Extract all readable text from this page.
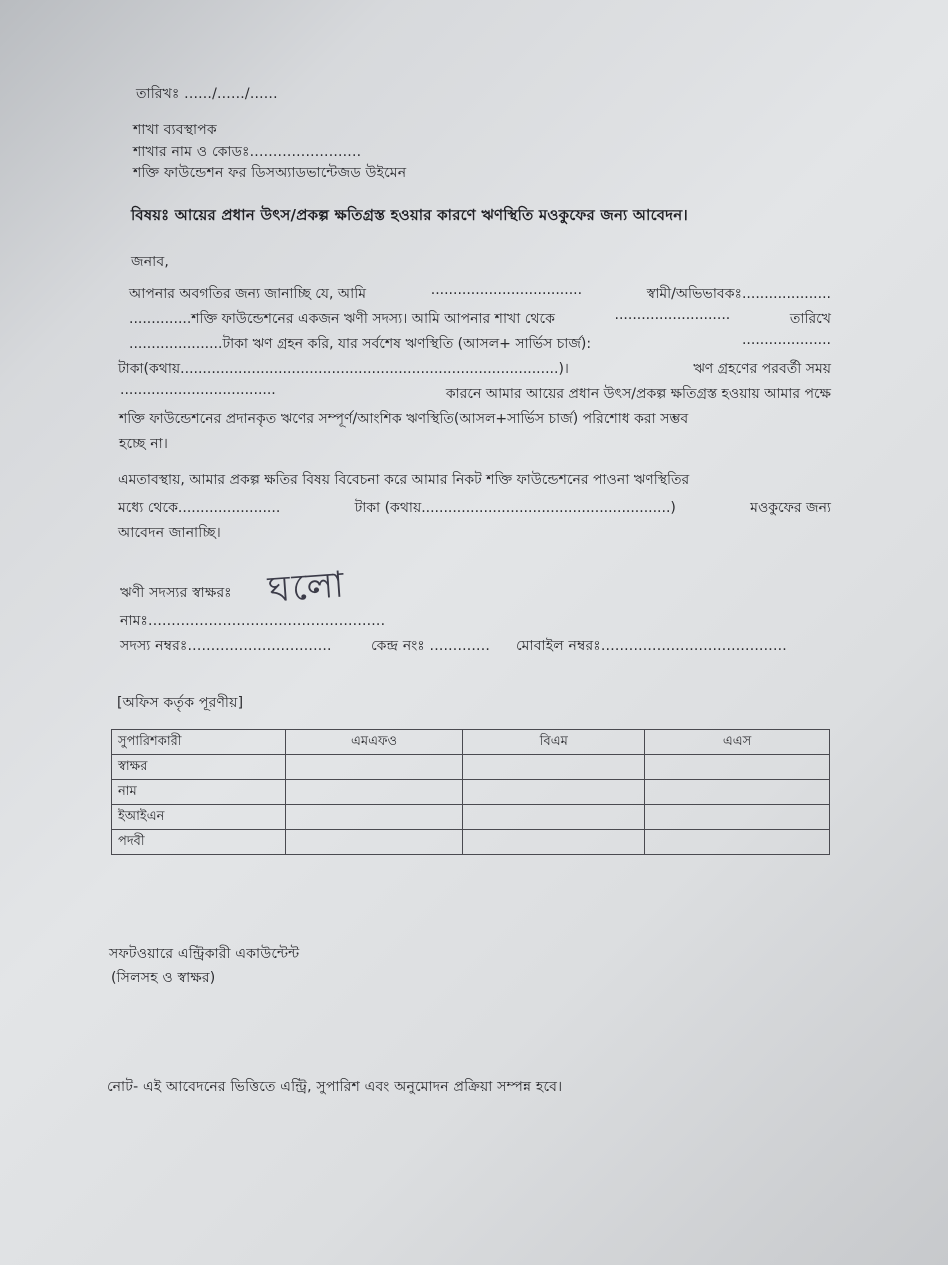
তারিখঃ ....../....../......
শাখা ব্যবস্থাপক
শাখার নাম ও কোডঃ........................
শক্তি ফাউন্ডেশন ফর ডিসঅ্যাডভান্টেজড উইমেন
বিষয়ঃ আয়ের প্রধান উৎস/প্রকল্প ক্ষতিগ্রস্ত হওয়ার কারণে ঋণস্থিতি মওকুফের জন্য আবেদন।
জনাব,
আপনার অবগতির জন্য জানাচ্ছি যে, আমি	..................................	স্বামী/অভিভাবকঃ....................
..............শক্তি ফাউন্ডেশনের একজন ঋণী সদস্য। আমি আপনার শাখা থেকে	..........................	তারিখে
.....................টাকা ঋণ গ্রহন করি, যার সর্বশেষ ঋণস্থিতি (আসল+ সার্ভিস চার্জ):	....................
টাকা(কথায়.....................................................................................)।	ঋণ গ্রহণের পরবর্তী সময়
...................................	কারনে আমার আয়ের প্রধান উৎস/প্রকল্প ক্ষতিগ্রস্ত হওয়ায় আমার পক্ষে
শক্তি ফাউন্ডেশনের প্রদানকৃত ঋণের সম্পূর্ণ/আংশিক ঋণস্থিতি(আসল+সার্ভিস চার্জ) পরিশোধ করা সম্ভব
হচ্ছে না।
এমতাবস্থায়, আমার প্রকল্প ক্ষতির বিষয় বিবেচনা করে আমার নিকট শক্তি ফাউন্ডেশনের পাওনা ঋণস্থিতির
মধ্যে থেকে.......................	টাকা (কথায়........................................................)	মওকুফের জন্য
আবেদন জানাচ্ছি।
ঋণী সদস্যর স্বাক্ষরঃ ঘলো
নামঃ...................................................
সদস্য নম্বরঃ...............................	কেন্দ্র নংঃ ............. মোবাইল নম্বরঃ........................................
[অফিস কর্তৃক পূরণীয়]
সুপারিশকারী	এমএফও	বিএম	এএস
স্বাক্ষর			
নাম			
ইআইএন			
পদবী			
সফটওয়ারে এন্ট্রিকারী একাউন্টেন্ট
(সিলসহ ও স্বাক্ষর)
নোট- এই আবেদনের ভিত্তিতে এন্ট্রি, সুপারিশ এবং অনুমোদন প্রক্রিয়া সম্পন্ন হবে।
